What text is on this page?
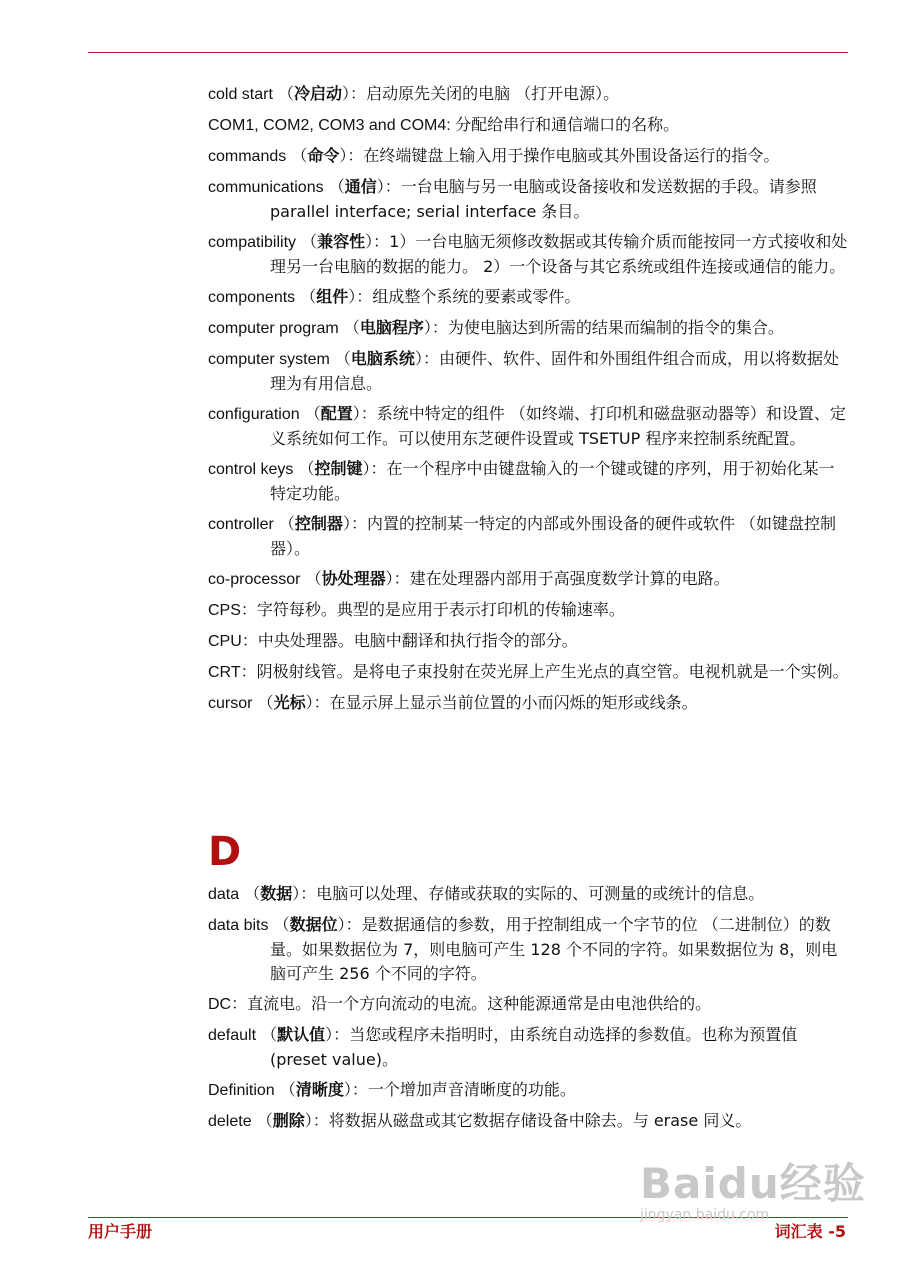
cold start （ 冷启动 ）： 启动原先关闭的电脑 （打开电源）。
COM1, COM2, COM3 and COM4: 分配给串行和通信端口的名称。
commands （ 命令 ）： 在终端键盘上输入用于操作电脑或其外围设备运行的指令。
communications （ 通信 ）： 一台电脑与另一电脑或设备接收和发送数据的手段。请参照 parallel interface; serial interface 条目。
compatibility （ 兼容性 ）： 1）一台电脑无须修改数据或其传输介质而能按同一方式接收和处理另一台电脑的数据的能力。 2）一个设备与其它系统或组件连接或通信的能力。
components （ 组件 ）： 组成整个系统的要素或零件。
computer program （ 电脑程序 ）： 为使电脑达到所需的结果而编制的指令的集合。
computer system （ 电脑系统 ）： 由硬件、软件、固件和外围组件组合而成，用以将数据处理为有用信息。
configuration （ 配置 ）： 系统中特定的组件 （如终端、打印机和磁盘驱动器等）和设置、定义系统如何工作。可以使用东芝硬件设置或 TSETUP 程序来控制系统配置。
control keys （ 控制键 ）： 在一个程序中由键盘输入的一个键或键的序列，用于初始化某一特定功能。
controller （ 控制器 ）： 内置的控制某一特定的内部或外围设备的硬件或软件 （如键盘控制器）。
co-processor （ 协处理器 ）： 建在处理器内部用于高强度数学计算的电路。
CPS：字符每秒。典型的是应用于表示打印机的传输速率。
CPU：中央处理器。电脑中翻译和执行指令的部分。
CRT：阴极射线管。是将电子束投射在荧光屏上产生光点的真空管。电视机就是一个实例。
cursor （ 光标 ）： 在显示屏上显示当前位置的小而闪烁的矩形或线条。
D
data （ 数据 ）： 电脑可以处理、存储或获取的实际的、可测量的或统计的信息。
data bits （ 数据位 ）： 是数据通信的参数，用于控制组成一个字节的位 （二进制位）的数量。如果数据位为 7，则电脑可产生 128 个不同的字符。如果数据位为 8，则电脑可产生 256 个不同的字符。
DC：直流电。沿一个方向流动的电流。这种能源通常是由电池供给的。
default （ 默认值 ）： 当您或程序未指明时，由系统自动选择的参数值。也称为预置值 (preset value)。
Definition （ 清晰度 ）： 一个增加声音清晰度的功能。
delete （ 删除 ）： 将数据从磁盘或其它数据存储设备中除去。与 erase 同义。
用户手册	词汇表 -5
Baidu经验
jingyan.baidu.com
